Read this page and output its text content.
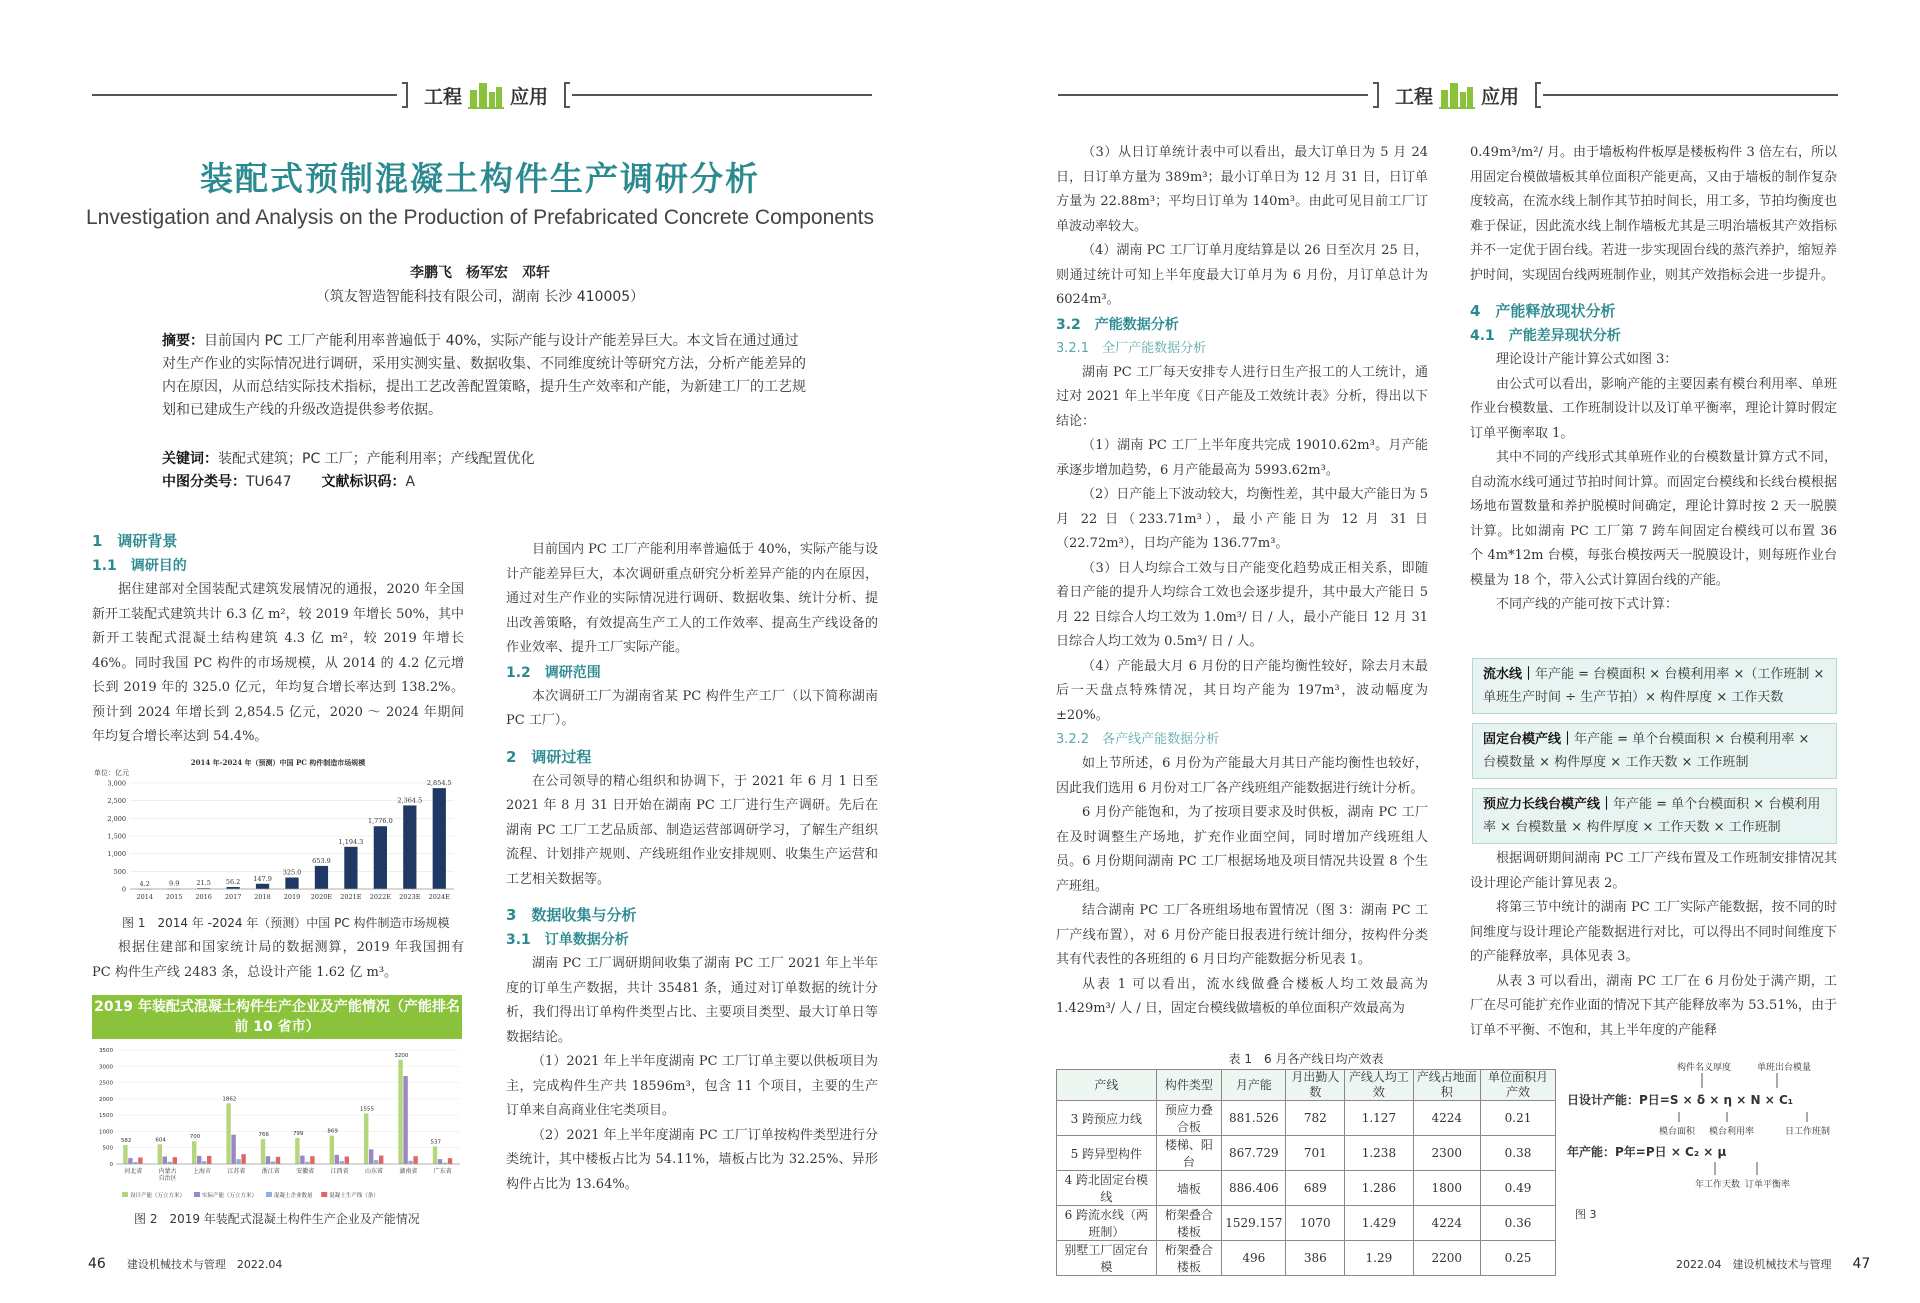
工程	应用
装配式预制混凝土构件生产调研分析
Lnvestigation and Analysis on the Production of Prefabricated Concrete Components
李鹏飞　杨军宏　邓轩
（筑友智造智能科技有限公司，湖南 长沙 410005）
摘要：目前国内 PC 工厂产能利用率普遍低于 40%，实际产能与设计产能差异巨大。本文旨在通过通过对生产作业的实际情况进行调研，采用实测实量、数据收集、不同维度统计等研究方法，分析产能差异的内在原因，从而总结实际技术指标，提出工艺改善配置策略，提升生产效率和产能，为新建工厂的工艺规划和已建成生产线的升级改造提供参考依据。
关键词：装配式建筑；PC 工厂；产能利用率；产线配置优化
中图分类号：TU647 文献标识码：A
1　调研背景
1.1　调研目的

据住建部对全国装配式建筑发展情况的通报，2020 年全国新开工装配式建筑共计 6.3 亿 m²，较 2019 年增长 50%，其中新开工装配式混凝土结构建筑 4.3 亿 m²，较 2019 年增长 46%。同时我国 PC 构件的市场规模，从 2014 的 4.2 亿元增长到 2019 年的 325.0 亿元，年均复合增长率达到 138.2%。预计到 2024 年增长到 2,854.5 亿元，2020 ～ 2024 年期间年均复合增长率达到 54.4%。

2014 年-2024 年（预测）中国 PC 构件制造市场规模
单位：亿元
3,000
2,500
2,000
1,500
1,000
500
0
4.2
2014
9.9
2015
21.5
2016
56.2
2017
147.9
2018
325.0
2019
653.9
2020E
1,194.3
2021E
1,776.0
2022E
2,364.5
2023E
2,854.5
2024E
图 1　2014 年 -2024 年（预测）中国 PC 构件制造市场规模

根据住建部和国家统计局的数据测算，2019 年我国拥有 PC 构件生产线 2483 条，总设计产能 1.62 亿 m³。

2019 年装配式混凝土构件生产企业及产能情况（产能排名前 10 省市）
3500
3000
2500
2000
1500
1000
500
0
582
河北省
604
内蒙古
自治区
700
上海市
1862
江苏省
766
浙江省
799
安徽省
869
江西省
1555
山东省
3200
湖南省
537
广东省
设计产能（万立方米）	实际产能（万立方米）	混凝土企业数量	混凝土生产线（条）
图 2　2019 年装配式混凝土构件生产企业及产能情况

目前国内 PC 工厂产能利用率普遍低于 40%，实际产能与设计产能差异巨大，本次调研重点研究分析差异产能的内在原因，通过对生产作业的实际情况进行调研、数据收集、统计分析、提出改善策略，有效提高生产工人的工作效率、提高生产线设备的作业效率、提升工厂实际产能。

1.2　调研范围

本次调研工厂为湖南省某 PC 构件生产工厂（以下简称湖南 PC 工厂）。

2　调研过程

在公司领导的精心组织和协调下，于 2021 年 6 月 1 日至 2021 年 8 月 31 日开始在湖南 PC 工厂进行生产调研。先后在湖南 PC 工厂工艺品质部、制造运营部调研学习，了解生产组织流程、计划排产规则、产线班组作业安排规则、收集生产运营和工艺相关数据等。

3　数据收集与分析
3.1　订单数据分析

湖南 PC 工厂调研期间收集了湖南 PC 工厂 2021 年上半年度的订单生产数据，共计 35481 条，通过对订单数据的统计分析，我们得出订单构件类型占比、主要项目类型、最大订单日等数据结论。

（1）2021 年上半年度湖南 PC 工厂订单主要以供板项目为主，完成构件生产共 18596m³，包含 11 个项目，主要的生产订单来自高商业住宅类项目。

（2）2021 年上半年度湖南 PC 工厂订单按构件类型进行分类统计，其中楼板占比为 54.11%，墙板占比为 32.25%、异形构件占比为 13.64%。

46 建设机械技术与管理　2022.04
工程	应用

（3）从日订单统计表中可以看出，最大订单日为 5 月 24 日，日订单方量为 389m³；最小订单日为 12 月 31 日，日订单方量为 22.88m³；平均日订单为 140m³。由此可见目前工厂订单波动率较大。

（4）湖南 PC 工厂订单月度结算是以 26 日至次月 25 日，则通过统计可知上半年度最大订单月为 6 月份，月订单总计为 6024m³。

3.2　产能数据分析
3.2.1　全厂产能数据分析

湖南 PC 工厂每天安排专人进行日生产报工的人工统计，通过对 2021 年上半年度《日产能及工效统计表》分析，得出以下结论：

（1）湖南 PC 工厂上半年度共完成 19010.62m³。月产能承逐步增加趋势，6 月产能最高为 5993.62m³。

（2）日产能上下波动较大，均衡性差，其中最大产能日为 5 月 22 日（233.71m³），最小产能日为 12 月 31 日（22.72m³），日均产能为 136.77m³。

（3）日人均综合工效与日产能变化趋势成正相关系，即随着日产能的提升人均综合工效也会逐步提升，其中最大产能日 5 月 22 日综合人均工效为 1.0m³/ 日 / 人，最小产能日 12 月 31 日综合人均工效为 0.5m³/ 日 / 人。

（4）产能最大月 6 月份的日产能均衡性较好，除去月末最后一天盘点特殊情况，其日均产能为 197m³，波动幅度为 ±20%。

3.2.2　各产线产能数据分析

如上节所述，6 月份为产能最大月其日产能均衡性也较好，因此我们选用 6 月份对工厂各产线班组产能数据进行统计分析。

6 月份产能饱和，为了按项目要求及时供板，湖南 PC 工厂在及时调整生产场地，扩充作业面空间，同时增加产线班组人员。6 月份期间湖南 PC 工厂根据场地及项目情况共设置 8 个生产班组。

结合湖南 PC 工厂各班组场地布置情况（图 3：湖南 PC 工厂产线布置），对 6 月份产能日报表进行统计细分，按构件分类其有代表性的各班组的 6 月日均产能数据分析见表 1。

从表 1 可以看出，流水线做叠合楼板人均工效最高为 1.429m³/ 人 / 日，固定台模线做墙板的单位面积产效最高为

0.49m³/m²/ 月。由于墙板构件板厚是楼板构件 3 倍左右，所以用固定台模做墙板其单位面积产能更高，又由于墙板的制作复杂度较高，在流水线上制作其节拍时间长，用工多，节拍均衡度也难于保证，因此流水线上制作墙板尤其是三明治墙板其产效指标并不一定优于固台线。若进一步实现固台线的蒸汽养护，缩短养护时间，实现固台线两班制作业，则其产效指标会进一步提升。

4　产能释放现状分析
4.1　产能差异现状分析

理论设计产能计算公式如图 3：

由公式可以看出，影响产能的主要因素有模台利用率、单班作业台模数量、工作班制设计以及订单平衡率，理论计算时假定订单平衡率取 1。

其中不同的产线形式其单班作业的台模数量计算方式不同，自动流水线可通过节拍时间计算。而固定台模线和长线台模根据场地布置数量和养护脱模时间确定，理论计算时按 2 天一脱膜计算。比如湖南 PC 工厂第 7 跨车间固定台模线可以布置 36 个 4m*12m 台模，每张台模按两天一脱膜设计，则每班作业台模量为 18 个，带入公式计算固台线的产能。

不同产线的产能可按下式计算：

流水线｜年产能 = 台模面积 × 台模利用率 ×（工作班制 × 单班生产时间 ÷ 生产节拍）× 构件厚度 × 工作天数
固定台模产线｜年产能 = 单个台模面积 × 台模利用率 × 台模数量 × 构件厚度 × 工作天数 × 工作班制
预应力长线台模产线｜年产能 = 单个台模面积 × 台模利用率 × 台模数量 × 构件厚度 × 工作天数 × 工作班制

根据调研期间湖南 PC 工厂产线布置及工作班制安排情况其设计理论产能计算见表 2。

将第三节中统计的湖南 PC 工厂实际产能数据，按不同的时间维度与设计理论产能数据进行对比，可以得出不同时间维度下的产能释放率，具体见表 3。

从表 3 可以看出，湖南 PC 工厂在 6 月份处于满产期，工厂在尽可能扩充作业面的情况下其产能释放率为 53.51%，由于订单不平衡、不饱和，其上半年度的产能释

2022.04　建设机械技术与管理 47
表 1　6 月各产线日均产效表
产线	构件类型	月产能	月出勤人数	产线人均工效	产线占地面积	单位面积月产效
3 跨预应力线	预应力叠合板	881.526	782	1.127	4224	0.21
5 跨异型构件	楼梯、阳台	867.729	701	1.238	2300	0.38
4 跨北固定台模线	墙板	886.406	689	1.286	1800	0.49
6 跨流水线（两班制）	桁架叠合楼板	1529.157	1070	1.429	4224	0.36
别墅工厂固定台模	桁架叠合楼板	496	386	1.29	2200	0.25
构件名义厚度	单班出台模量
日设计产能：P日=S × δ × η × N × C₁
模台面积 模台利用率	日工作班制
年产能：P年=P日 × C₂ × μ
年工作天数 订单平衡率
图 3
